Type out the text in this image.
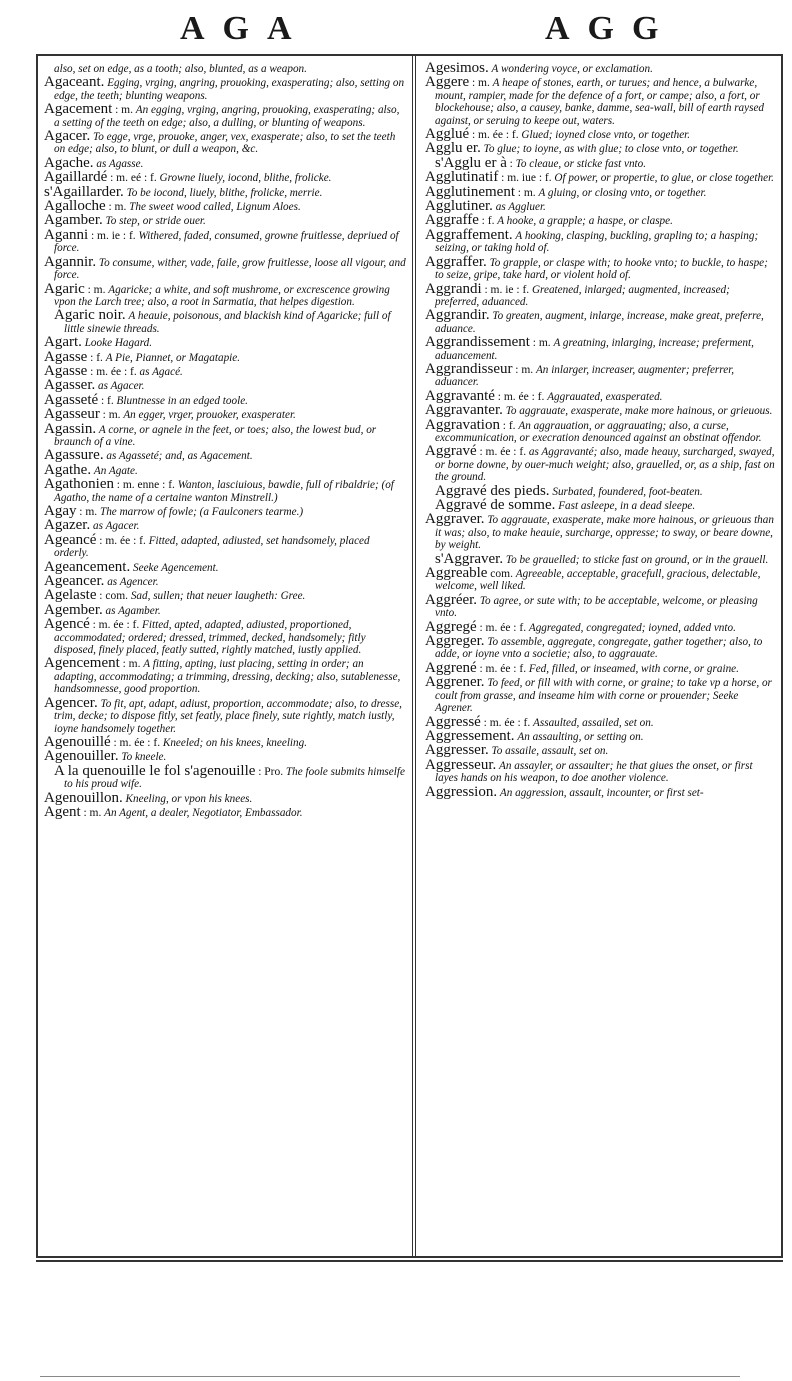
AGA	AGG
also, set on edge, as a tooth; also, blunted, as a weapon.
Agaceant. Egging, vrging, angring, prouoking, exasperating; also, setting on edge, the teeth; blunting weapons.
Agacement : m. An egging, vrging, angring, prouoking, exasperating; also, a setting of the teeth on edge; also, a dulling, or blunting of weapons.
Agacer. To egge, vrge, prouoke, anger, vex, exasperate; also, to set the teeth on edge; also, to blunt, or dull a weapon, &c.
Agache. as Agasse.
Agaillardé : m. eé : f. Growne liuely, iocond, blithe, frolicke.
s'Agaillarder. To be iocond, liuely, blithe, frolicke, merrie.
Agalloche : m. The sweet wood called, Lignum Aloes.
Agamber. To step, or stride ouer.
Aganni : m. ie : f. Withered, faded, consumed, growne fruitlesse, depriued of force.
Agannir. To consume, wither, vade, faile, grow fruitlesse, loose all vigour, and force.
Agaric : m. Agaricke; a white, and soft mushrome, or excrescence growing vpon the Larch tree; also, a root in Sarmatia, that helpes digestion.
Agaric noir. A heauie, poisonous, and blackish kind of Agaricke; full of little sinewie threads.
Agart. Looke Hagard.
Agasse : f. A Pie, Piannet, or Magatapie.
Agasse : m. ée : f. as Agacé.
Agasser. as Agacer.
Agasseté : f. Bluntnesse in an edged toole.
Agasseur : m. An egger, vrger, prouoker, exasperater.
Agassin. A corne, or agnele in the feet, or toes; also, the lowest bud, or braunch of a vine.
Agassure. as Agasseté; and, as Agacement.
Agathe. An Agate.
Agathonien : m. enne : f. Wanton, lasciuious, bawdie, full of ribaldrie; (of Agatho, the name of a certaine wanton Minstrell.)
Agay : m. The marrow of fowle; (a Faulconers tearme.)
Agazer. as Agacer.
Ageancé : m. ée : f. Fitted, adapted, adiusted, set handsomely, placed orderly.
Ageancement. Seeke Agencement.
Ageancer. as Agencer.
Agelaste : com. Sad, sullen; that neuer laugheth: Gree.
Agember. as Agamber.
Agencé : m. ée : f. Fitted, apted, adapted, adiusted, proportioned, accommodated; ordered; dressed, trimmed, decked, handsomely; fitly disposed, finely placed, featly sutted, rightly matched, iustly applied.
Agencement : m. A fitting, apting, iust placing, setting in order; an adapting, accommodating; a trimming, dressing, decking; also, sutablenesse, handsomnesse, good proportion.
Agencer. To fit, apt, adapt, adiust, proportion, accommodate; also, to dresse, trim, decke; to dispose fitly, set featly, place finely, sute rightly, match iustly, ioyne handsomely together.
Agenouillé : m. ée : f. Kneeled; on his knees, kneeling.
Agenouiller. To kneele.
A la quenouille le fol s'agenouille : Pro. The foole submits himselfe to his proud wife.
Agenouillon. Kneeling, or vpon his knees.
Agent : m. An Agent, a dealer, Negotiator, Embassador.
Agesimos. A wondering voyce, or exclamation.
Aggere : m. A heape of stones, earth, or turues; and hence, a bulwarke, mount, rampier, made for the defence of a fort, or campe; also, a fort, or blockehouse; also, a causey, banke, damme, sea-wall, bill of earth raysed against, or seruing to keepe out, waters.
Agglué : m. ée : f. Glued; ioyned close vnto, or together.
Agglu er. To glue; to ioyne, as with glue; to close vnto, or together.
s'Agglu er à : To cleaue, or sticke fast vnto.
Agglutinatif : m. iue : f. Of power, or propertie, to glue, or close together.
Agglutinement : m. A gluing, or closing vnto, or together.
Agglutiner. as Aggluer.
Aggraffe : f. A hooke, a grapple; a haspe, or claspe.
Aggraffement. A hooking, clasping, buckling, grapling to; a hasping; seizing, or taking hold of.
Aggraffer. To grapple, or claspe with; to hooke vnto; to buckle, to haspe; to seize, gripe, take hard, or violent hold of.
Aggrandi : m. ie : f. Greatened, inlarged; augmented, increased; preferred, aduanced.
Aggrandir. To greaten, augment, inlarge, increase, make great, preferre, aduance.
Aggrandissement : m. A greatning, inlarging, increase; preferment, aduancement.
Aggrandisseur : m. An inlarger, increaser, augmenter; preferrer, aduancer.
Aggravanté : m. ée : f. Aggrauated, exasperated.
Aggravanter. To aggrauate, exasperate, make more hainous, or grieuous.
Aggravation : f. An aggrauation, or aggrauating; also, a curse, excommunication, or execration denounced against an obstinat offendor.
Aggravé : m. ée : f. as Aggravanté; also, made heauy, surcharged, swayed, or borne downe, by ouer-much weight; also, grauelled, or, as a ship, fast on the ground.
Aggravé des pieds. Surbated, foundered, foot-beaten.
Aggravé de somme. Fast asleepe, in a dead sleepe.
Aggraver. To aggrauate, exasperate, make more hainous, or grieuous than it was; also, to make heauie, surcharge, oppresse; to sway, or beare downe, by weight.
s'Aggraver. To be grauelled; to sticke fast on ground, or in the grauell.
Aggreable com. Agreeable, acceptable, gracefull, gracious, delectable, welcome, well liked.
Aggréer. To agree, or sute with; to be acceptable, welcome, or pleasing vnto.
Aggregé : m. ée : f. Aggregated, congregated; ioyned, added vnto.
Aggreger. To assemble, aggregate, congregate, gather together; also, to adde, or ioyne vnto a societie; also, to aggrauate.
Aggrené : m. ée : f. Fed, filled, or inseamed, with corne, or graine.
Aggrener. To feed, or fill with with corne, or graine; to take vp a horse, or coult from grasse, and inseame him with corne or prouender; Seeke Agrener.
Aggressé : m. ée : f. Assaulted, assailed, set on.
Aggressement. An assaulting, or setting on.
Aggresser. To assaile, assault, set on.
Aggresseur. An assayler, or assaulter; he that giues the onset, or first layes hands on his weapon, to doe another violence.
Aggression. An aggression, assault, incounter, or first set-
